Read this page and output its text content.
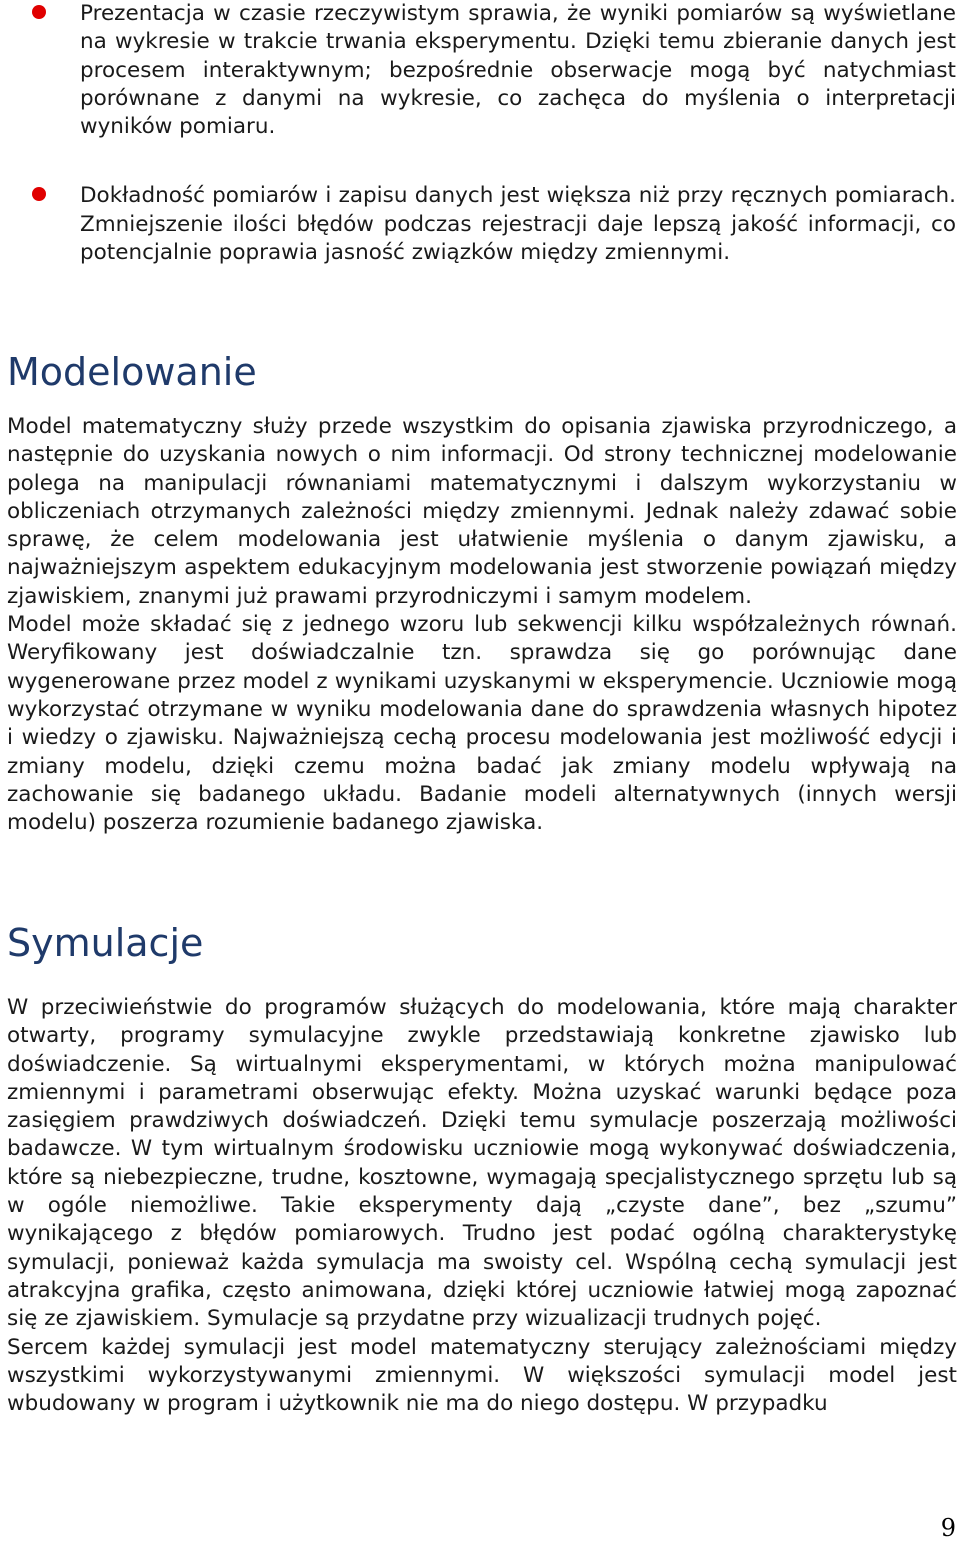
Prezentacja w czasie rzeczywistym sprawia, że wyniki pomiarów są wyświetlane na wykresie w trakcie trwania eksperymentu. Dzięki temu zbieranie danych jest procesem interaktywnym; bezpośrednie obserwacje mogą być natychmiast porównane z danymi na wykresie, co zachęca do myślenia o interpretacji wyników pomiaru.
Dokładność pomiarów i zapisu danych jest większa niż przy ręcznych pomiarach. Zmniejszenie ilości błędów podczas rejestracji daje lepszą jakość informacji, co potencjalnie poprawia jasność związków między zmiennymi.
Modelowanie

Model matematyczny służy przede wszystkim do opisania zjawiska przyrodniczego, a następnie do uzyskania nowych o nim informacji. Od strony technicznej modelowanie polega na manipulacji równaniami matematycznymi i dalszym wykorzystaniu w obliczeniach otrzymanych zależności między zmiennymi. Jednak należy zdawać sobie sprawę, że celem modelowania jest ułatwienie myślenia o danym zjawisku, a najważniejszym aspektem edukacyjnym modelowania jest stworzenie powiązań między zjawiskiem, znanymi już prawami przyrodniczymi i samym modelem.

Model może składać się z jednego wzoru lub sekwencji kilku współzależnych równań. Weryfikowany jest doświadczalnie tzn. sprawdza się go porównując dane wygenerowane przez model z wynikami uzyskanymi w eksperymencie. Uczniowie mogą wykorzystać otrzymane w wyniku modelowania dane do sprawdzenia własnych hipotez i wiedzy o zjawisku. Najważniejszą cechą procesu modelowania jest możliwość edycji i zmiany modelu, dzięki czemu można badać jak zmiany modelu wpływają na zachowanie się badanego układu. Badanie modeli alternatywnych (innych wersji modelu) poszerza rozumienie badanego zjawiska.

Symulacje

W przeciwieństwie do programów służących do modelowania, które mają charakter otwarty, programy symulacyjne zwykle przedstawiają konkretne zjawisko lub doświadczenie. Są wirtualnymi eksperymentami, w których można manipulować zmiennymi i parametrami obserwując efekty. Można uzyskać warunki będące poza zasięgiem prawdziwych doświadczeń. Dzięki temu symulacje poszerzają możliwości badawcze. W tym wirtualnym środowisku uczniowie mogą wykonywać doświadczenia, które są niebezpieczne, trudne, kosztowne, wymagają specjalistycznego sprzętu lub są w ogóle niemożliwe. Takie eksperymenty dają „czyste dane”, bez „szumu” wynikającego z błędów pomiarowych. Trudno jest podać ogólną charakterystykę symulacji, ponieważ każda symulacja ma swoisty cel. Wspólną cechą symulacji jest atrakcyjna grafika, często animowana, dzięki której uczniowie łatwiej mogą zapoznać się ze zjawiskiem. Symulacje są przydatne przy wizualizacji trudnych pojęć.

Sercem każdej symulacji jest model matematyczny sterujący zależnościami między wszystkimi wykorzystywanymi zmiennymi. W większości symulacji model jest wbudowany w program i użytkownik nie ma do niego dostępu. W przypadku

9
